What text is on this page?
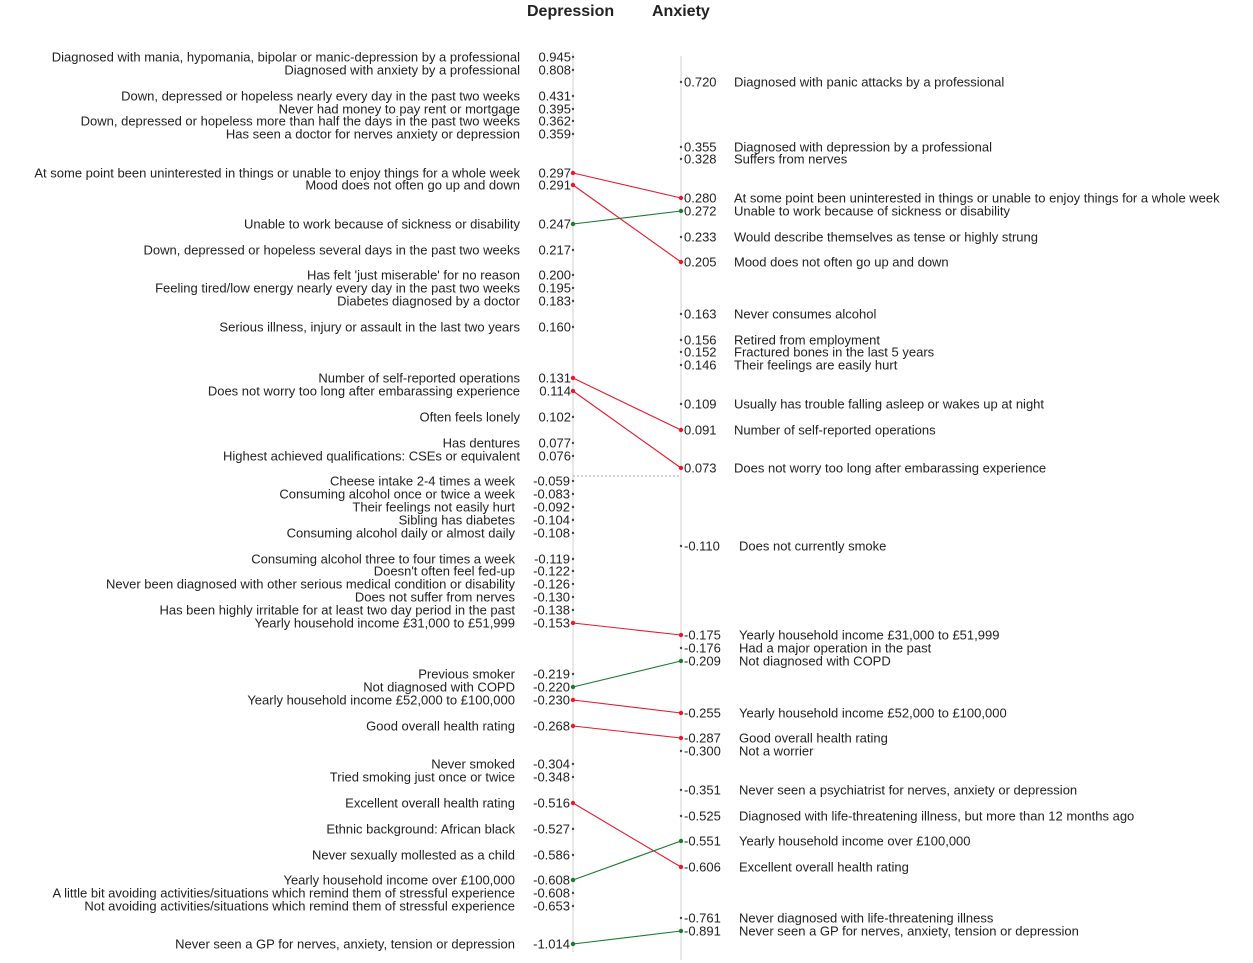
Depression Anxiety
Diagnosed with mania, hypomania, bipolar or manic-depression by a professional 0.945
Diagnosed with anxiety by a professional 0.808
Down, depressed or hopeless nearly every day in the past two weeks 0.431
Never had money to pay rent or mortgage 0.395
Down, depressed or hopeless more than half the days in the past two weeks 0.362
Has seen a doctor for nerves anxiety or depression 0.359
At some point been uninterested in things or unable to enjoy things for a whole week 0.297
Mood does not often go up and down 0.291
Unable to work because of sickness or disability 0.247
Down, depressed or hopeless several days in the past two weeks 0.217
Has felt 'just miserable' for no reason 0.200
Feeling tired/low energy nearly every day in the past two weeks 0.195
Diabetes diagnosed by a doctor 0.183
Serious illness, injury or assault in the last two years 0.160
Number of self-reported operations 0.131
Does not worry too long after embarassing experience 0.114
Often feels lonely 0.102
Has dentures 0.077
Highest achieved qualifications: CSEs or equivalent 0.076
Cheese intake 2-4 times a week -0.059
Consuming alcohol once or twice a week -0.083
Their feelings not easily hurt -0.092
Sibling has diabetes -0.104
Consuming alcohol daily or almost daily -0.108
Consuming alcohol three to four times a week -0.119
Doesn't often feel fed-up -0.122
Never been diagnosed with other serious medical condition or disability -0.126
Does not suffer from nerves -0.130
Has been highly irritable for at least two day period in the past -0.138
Yearly household income £31,000 to £51,999 -0.153
Previous smoker -0.219
Not diagnosed with COPD -0.220
Yearly household income £52,000 to £100,000 -0.230
Good overall health rating -0.268
Never smoked -0.304
Tried smoking just once or twice -0.348
Excellent overall health rating -0.516
Ethnic background: African black -0.527
Never sexually mollested as a child -0.586
Yearly household income over £100,000 -0.608
A little bit avoiding activities/situations which remind them of stressful experience -0.608
Not avoiding activities/situations which remind them of stressful experience -0.653
Never seen a GP for nerves, anxiety, tension or depression -1.014
0.720 Diagnosed with panic attacks by a professional
0.355 Diagnosed with depression by a professional
0.328 Suffers from nerves
0.280 At some point been uninterested in things or unable to enjoy things for a whole week
0.272 Unable to work because of sickness or disability
0.233 Would describe themselves as tense or highly strung
0.205 Mood does not often go up and down
0.163 Never consumes alcohol
0.156 Retired from employment
0.152 Fractured bones in the last 5 years
0.146 Their feelings are easily hurt
0.109 Usually has trouble falling asleep or wakes up at night
0.091 Number of self-reported operations
0.073 Does not worry too long after embarassing experience
-0.110 Does not currently smoke
-0.175 Yearly household income £31,000 to £51,999
-0.176 Had a major operation in the past
-0.209 Not diagnosed with COPD
-0.255 Yearly household income £52,000 to £100,000
-0.287 Good overall health rating
-0.300 Not a worrier
-0.351 Never seen a psychiatrist for nerves, anxiety or depression
-0.525 Diagnosed with life-threatening illness, but more than 12 months ago
-0.551 Yearly household income over £100,000
-0.606 Excellent overall health rating
-0.761 Never diagnosed with life-threatening illness
-0.891 Never seen a GP for nerves, anxiety, tension or depression
